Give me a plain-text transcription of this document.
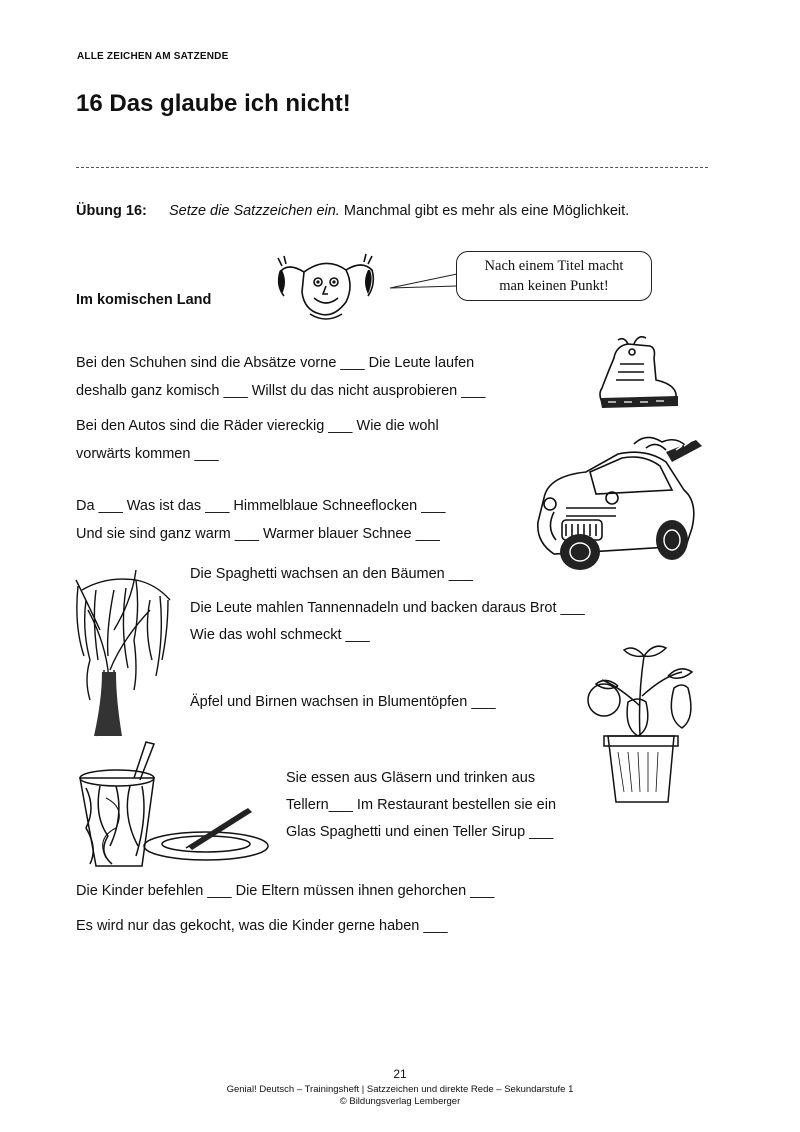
ALLE ZEICHEN AM SATZENDE
16 Das glaube ich nicht!
Übung 16: Setze die Satzzeichen ein. Manchmal gibt es mehr als eine Möglichkeit.
Im komischen Land
Nach einem Titel macht
man keinen Punkt!
Bei den Schuhen sind die Absätze vorne ___ Die Leute laufen
deshalb ganz komisch ___ Willst du das nicht ausprobieren ___
Bei den Autos sind die Räder viereckig ___ Wie die wohl
vorwärts kommen ___
Da ___ Was ist das ___ Himmelblaue Schneeflocken ___
Und sie sind ganz warm ___ Warmer blauer Schnee ___
Die Spaghetti wachsen an den Bäumen ___
Die Leute mahlen Tannennadeln und backen daraus Brot ___
Wie das wohl schmeckt ___
Äpfel und Birnen wachsen in Blumentöpfen ___
Sie essen aus Gläsern und trinken aus
Tellern___ Im Restaurant bestellen sie ein
Glas Spaghetti und einen Teller Sirup ___
Die Kinder befehlen ___ Die Eltern müssen ihnen gehorchen ___
Es wird nur das gekocht, was die Kinder gerne haben ___
21
Genial! Deutsch – Trainingsheft | Satzzeichen und direkte Rede – Sekundarstufe 1
© Bildungsverlag Lemberger
